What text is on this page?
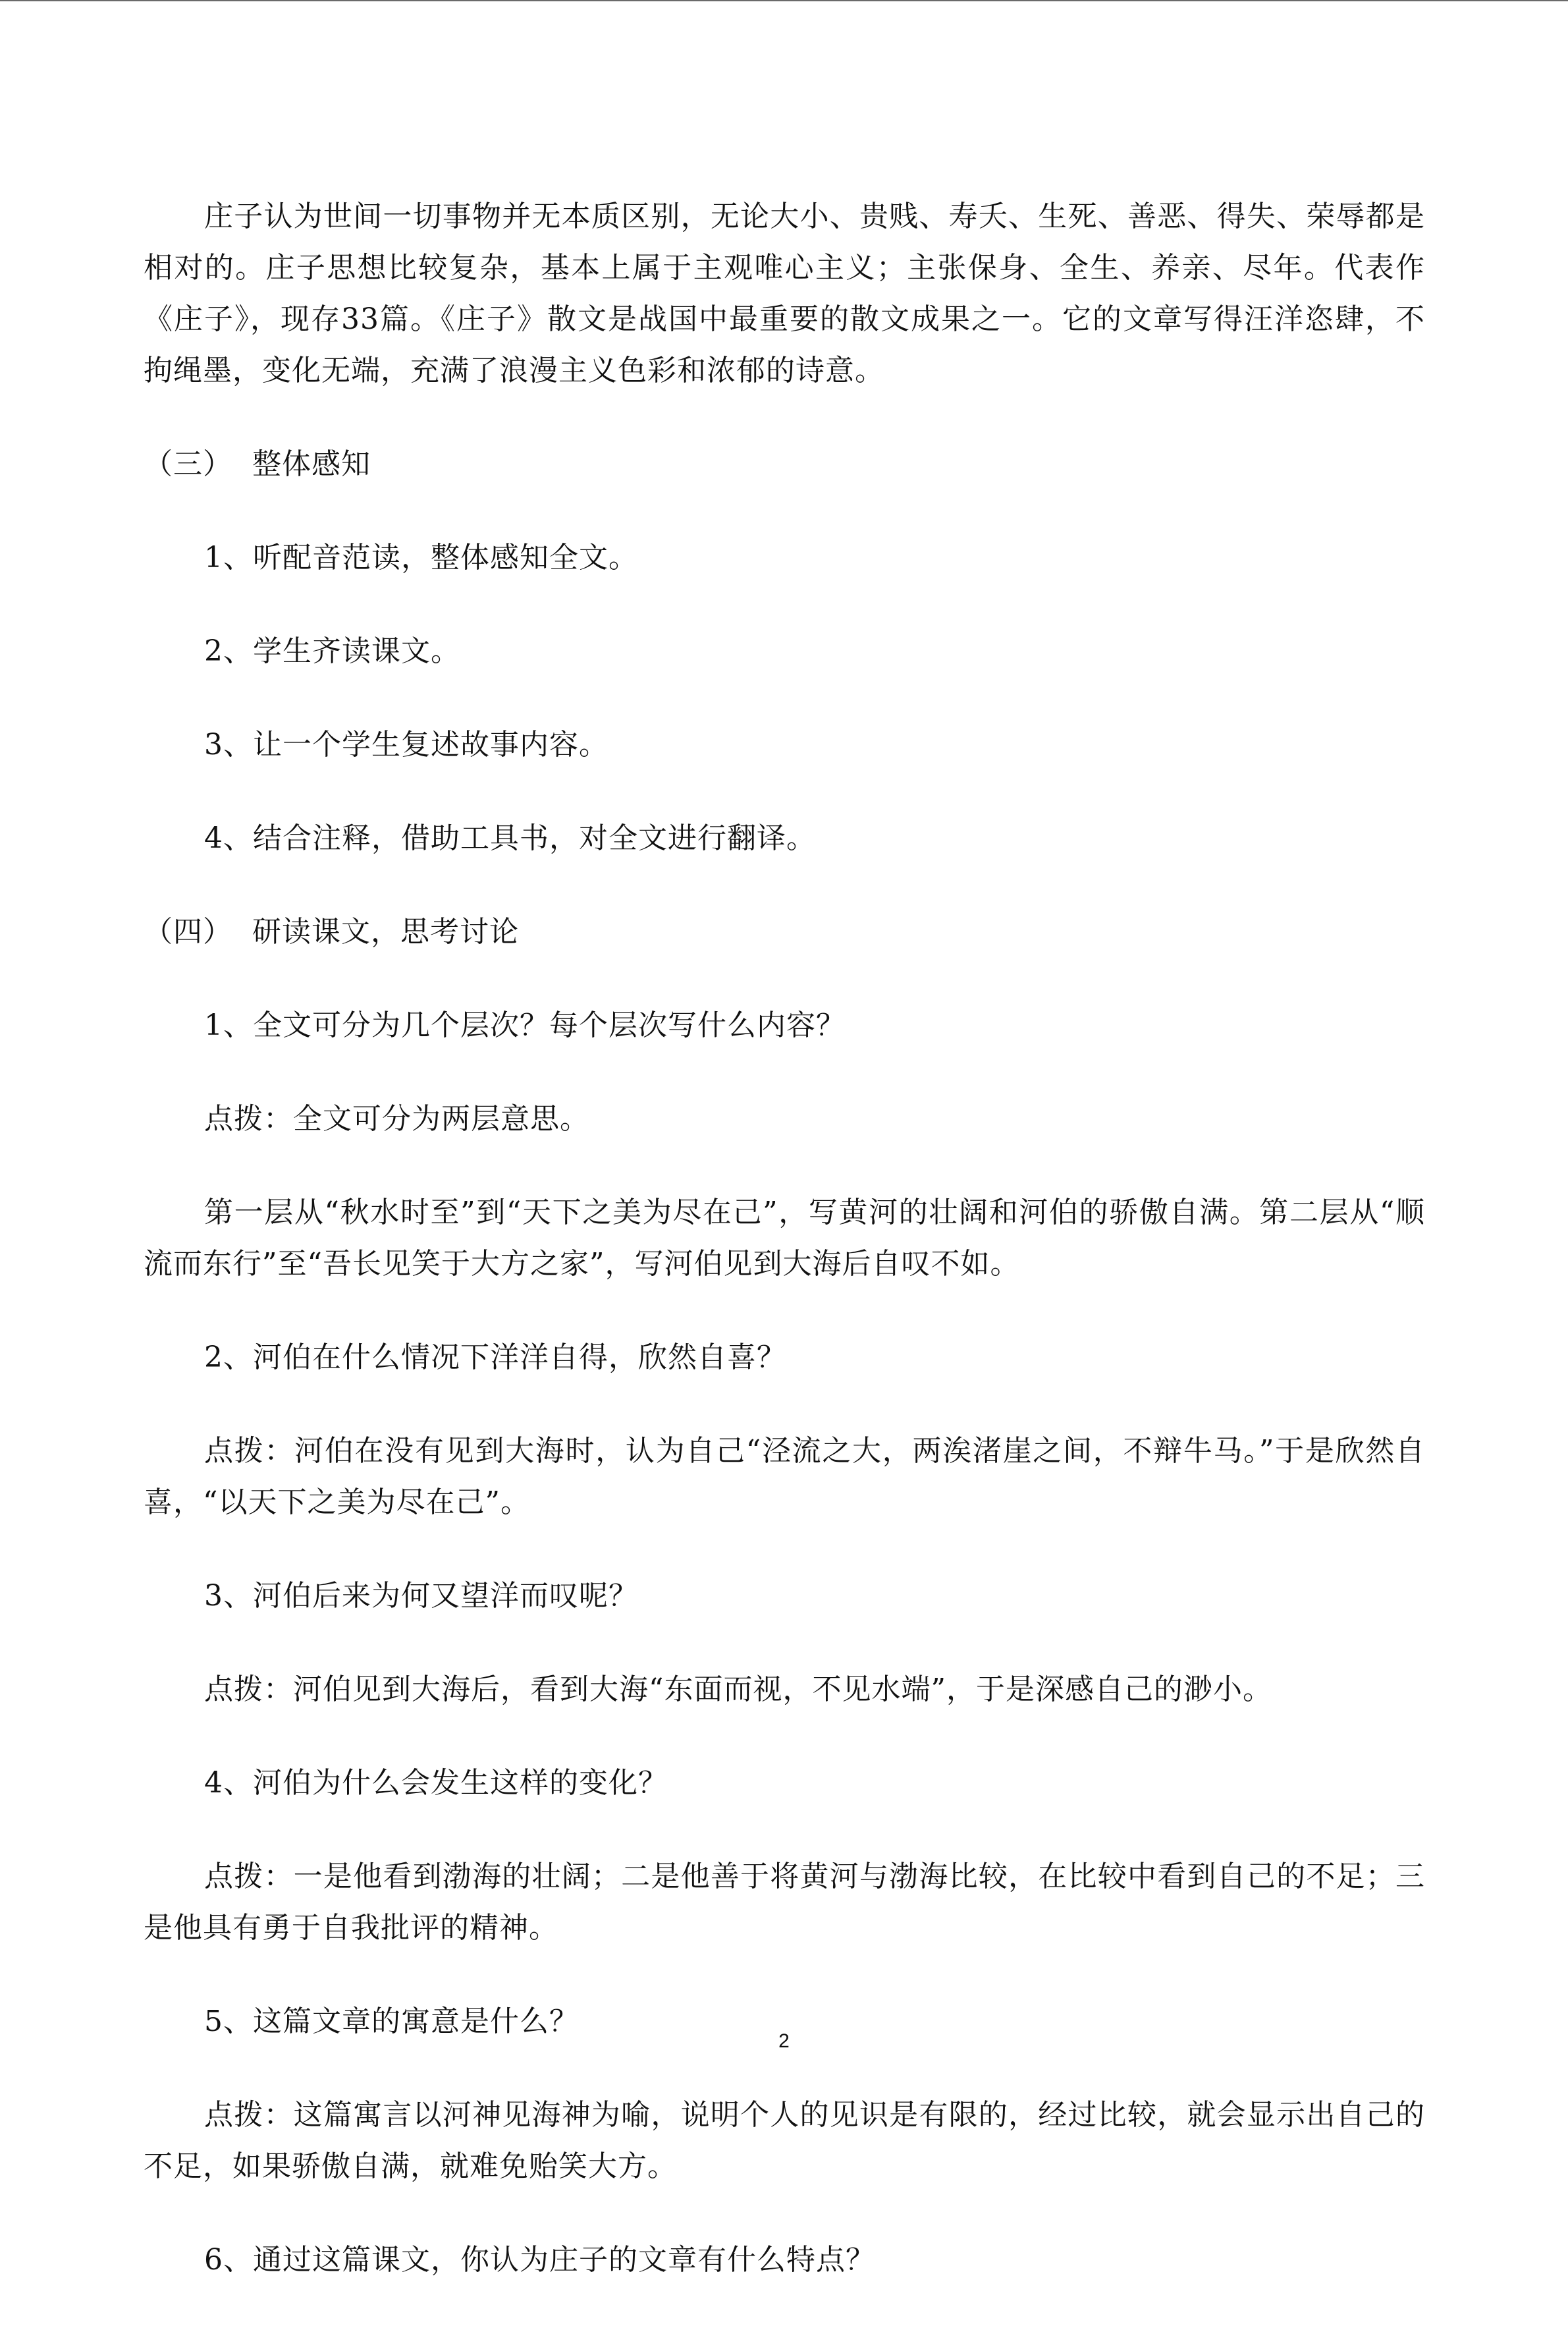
庄子认为世间一切事物并无本质区别，无论大小、贵贱、寿夭、生死、善恶、得失、荣辱都是相对的。庄子思想比较复杂，基本上属于主观唯心主义；主张保身、全生、养亲、尽年。代表作《庄子》，现存33篇。《庄子》散文是战国中最重要的散文成果之一。它的文章写得汪洋恣肆，不拘绳墨，变化无端，充满了浪漫主义色彩和浓郁的诗意。

（三）  整体感知

1、听配音范读，整体感知全文。

2、学生齐读课文。

3、让一个学生复述故事内容。

4、结合注释，借助工具书，对全文进行翻译。

（四）  研读课文，思考讨论

1、全文可分为几个层次？每个层次写什么内容？

点拨：全文可分为两层意思。

第一层从“秋水时至”到“天下之美为尽在己”，写黄河的壮阔和河伯的骄傲自满。第二层从“顺流而东行”至“吾长见笑于大方之家”，写河伯见到大海后自叹不如。

2、河伯在什么情况下洋洋自得，欣然自喜？

点拨：河伯在没有见到大海时，认为自己“泾流之大，两涘渚崖之间，不辩牛马。”于是欣然自喜，“以天下之美为尽在己”。

3、河伯后来为何又望洋而叹呢？

点拨：河伯见到大海后，看到大海“东面而视，不见水端”，于是深感自己的渺小。

4、河伯为什么会发生这样的变化？

点拨：一是他看到渤海的壮阔；二是他善于将黄河与渤海比较，在比较中看到自己的不足；三是他具有勇于自我批评的精神。

5、这篇文章的寓意是什么？

点拨：这篇寓言以河神见海神为喻，说明个人的见识是有限的，经过比较，就会显示出自己的不足，如果骄傲自满，就难免贻笑大方。

6、通过这篇课文，你认为庄子的文章有什么特点？

2
